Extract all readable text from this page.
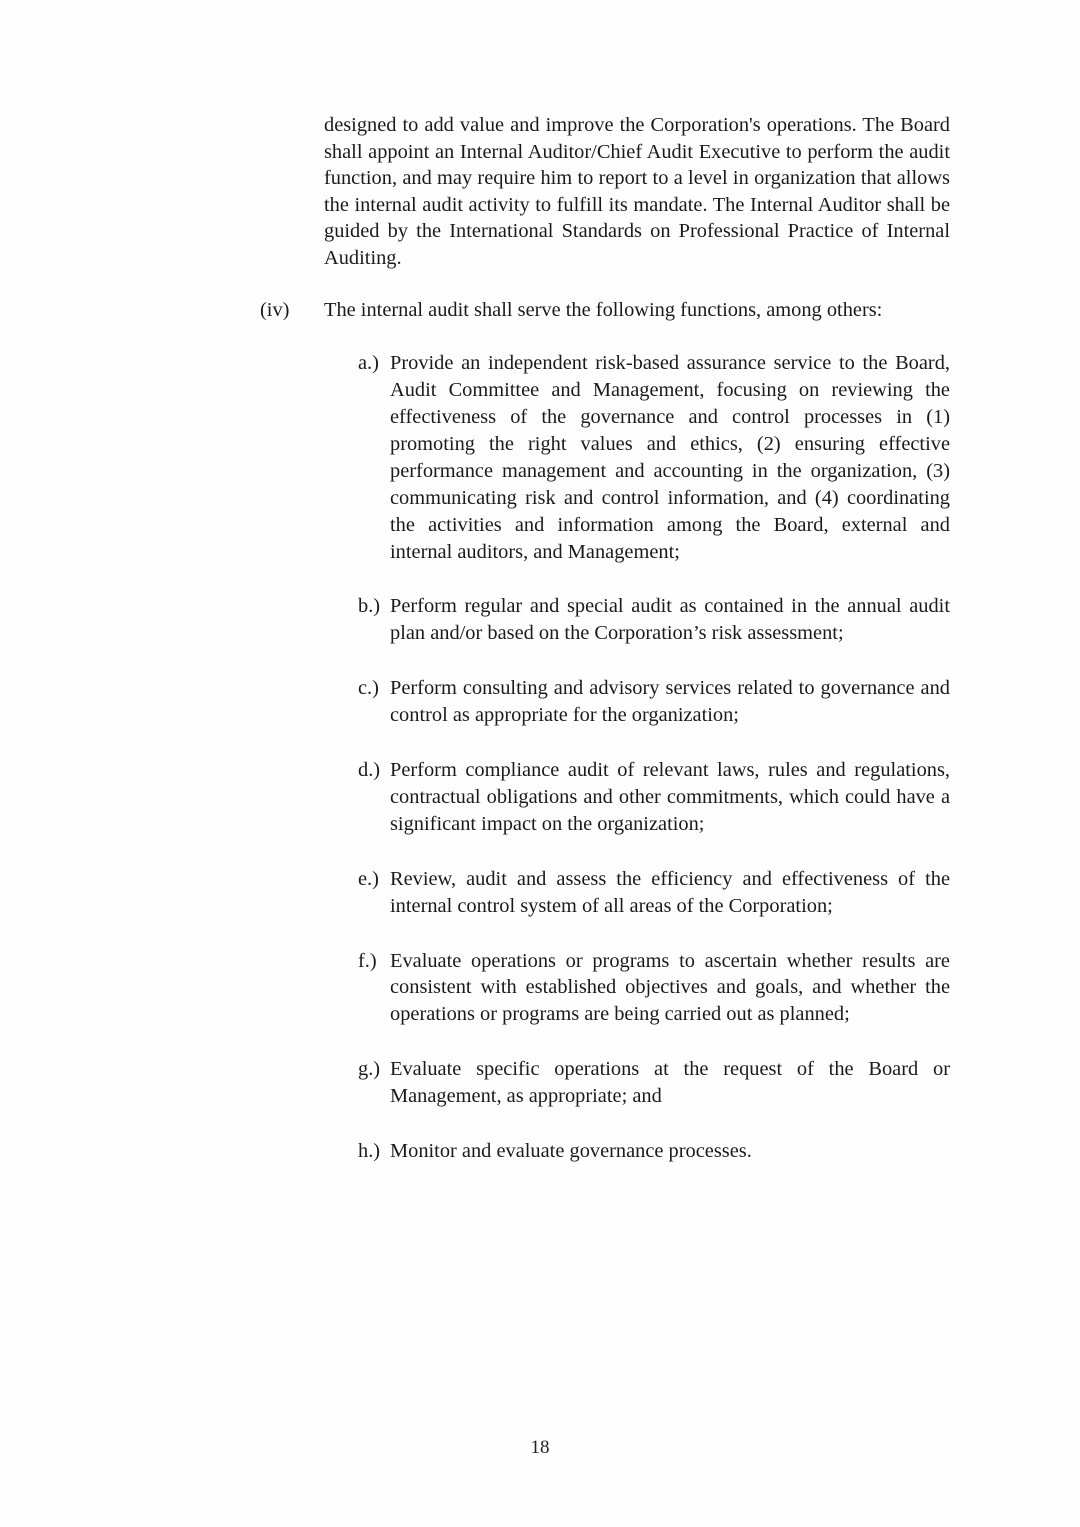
designed to add value and improve the Corporation's operations. The Board shall appoint an Internal Auditor/Chief Audit Executive to perform the audit function, and may require him to report to a level in organization that allows the internal audit activity to fulfill its mandate. The Internal Auditor shall be guided by the International Standards on Professional Practice of Internal Auditing.

(iv)	The internal audit shall serve the following functions, among others:
a.) Provide an independent risk-based assurance service to the Board, Audit Committee and Management, focusing on reviewing the effectiveness of the governance and control processes in (1) promoting the right values and ethics, (2) ensuring effective performance management and accounting in the organization, (3) communicating risk and control information, and (4) coordinating the activities and information among the Board, external and internal auditors, and Management;
b.) Perform regular and special audit as contained in the annual audit plan and/or based on the Corporation’s risk assessment;
c.) Perform consulting and advisory services related to governance and control as appropriate for the organization;
d.) Perform compliance audit of relevant laws, rules and regulations, contractual obligations and other commitments, which could have a significant impact on the organization;
e.) Review, audit and assess the efficiency and effectiveness of the internal control system of all areas of the Corporation;
f.) Evaluate operations or programs to ascertain whether results are consistent with established objectives and goals, and whether the operations or programs are being carried out as planned;
g.) Evaluate specific operations at the request of the Board or Management, as appropriate; and
h.) Monitor and evaluate governance processes.
18
